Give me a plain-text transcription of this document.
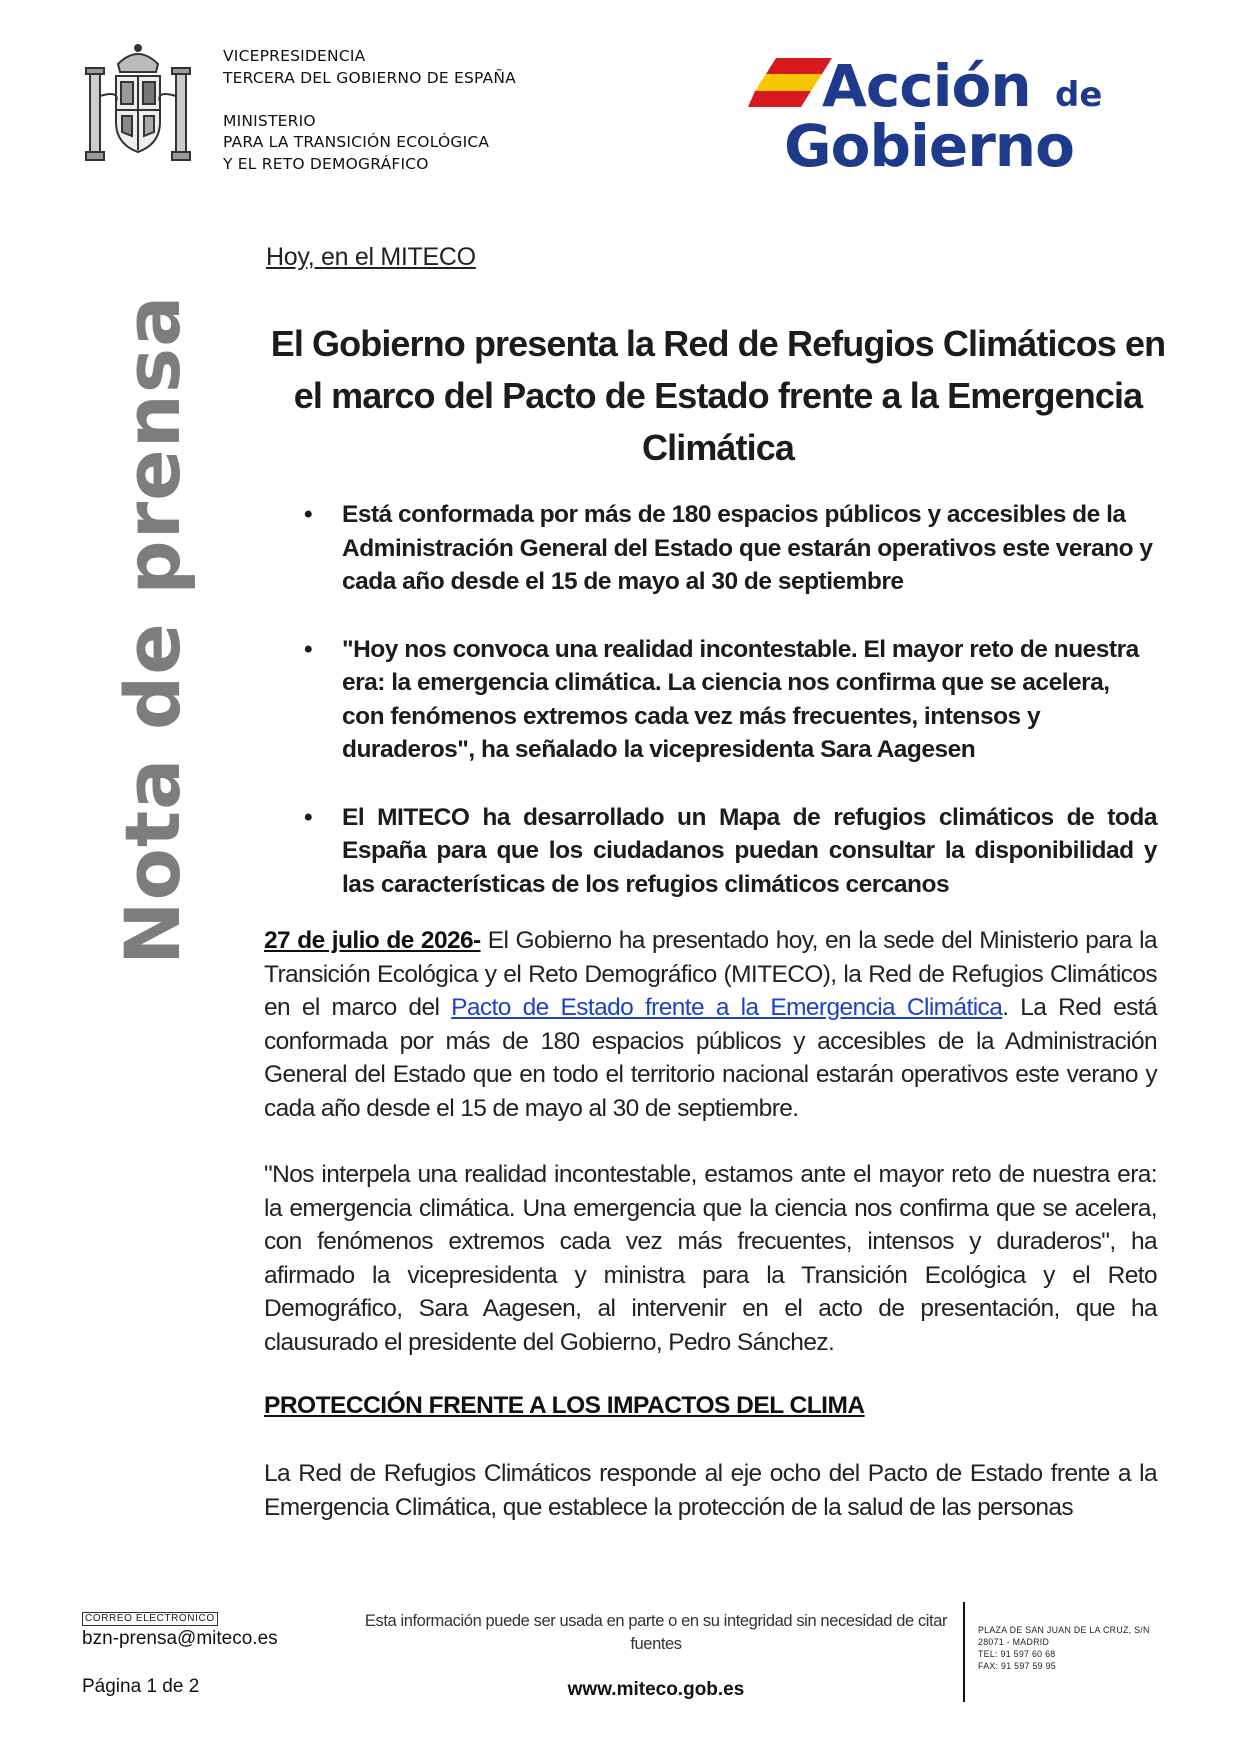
VICEPRESIDENCIA
TERCERA DEL GOBIERNO DE ESPAÑA
MINISTERIO
PARA LA TRANSICIÓN ECOLÓGICA
Y EL RETO DEMOGRÁFICO
Acción de
Gobierno
Nota de prensa
Hoy, en el MITECO
El Gobierno presenta la Red de Refugios Climáticos en el marco del Pacto de Estado frente a la Emergencia Climática
• Está conformada por más de 180 espacios públicos y accesibles de la Administración General del Estado que estarán operativos este verano y cada año desde el 15 de mayo al 30 de septiembre
• "Hoy nos convoca una realidad incontestable. El mayor reto de nuestra era: la emergencia climática. La ciencia nos confirma que se acelera, con fenómenos extremos cada vez más frecuentes, intensos y duraderos", ha señalado la vicepresidenta Sara Aagesen
• El MITECO ha desarrollado un Mapa de refugios climáticos de toda España para que los ciudadanos puedan consultar la disponibilidad y las características de los refugios climáticos cercanos
27 de julio de 2026- El Gobierno ha presentado hoy, en la sede del Ministerio para la Transición Ecológica y el Reto Demográfico (MITECO), la Red de Refugios Climáticos en el marco del Pacto de Estado frente a la Emergencia Climática. La Red está conformada por más de 180 espacios públicos y accesibles de la Administración General del Estado que en todo el territorio nacional estarán operativos este verano y cada año desde el 15 de mayo al 30 de septiembre.
"Nos interpela una realidad incontestable, estamos ante el mayor reto de nuestra era: la emergencia climática. Una emergencia que la ciencia nos confirma que se acelera, con fenómenos extremos cada vez más frecuentes, intensos y duraderos", ha afirmado la vicepresidenta y ministra para la Transición Ecológica y el Reto Demográfico, Sara Aagesen, al intervenir en el acto de presentación, que ha clausurado el presidente del Gobierno, Pedro Sánchez.
PROTECCIÓN FRENTE A LOS IMPACTOS DEL CLIMA
La Red de Refugios Climáticos responde al eje ocho del Pacto de Estado frente a la Emergencia Climática, que establece la protección de la salud de las personas
CORREO ELECTRÓNICO
bzn-prensa@miteco.es
Página 1 de 2
Esta información puede ser usada en parte o en su integridad sin necesidad de citar fuentes
www.miteco.gob.es
PLAZA DE SAN JUAN DE LA CRUZ, S/N
28071 - MADRID
TEL: 91 597 60 68
FAX: 91 597 59 95
